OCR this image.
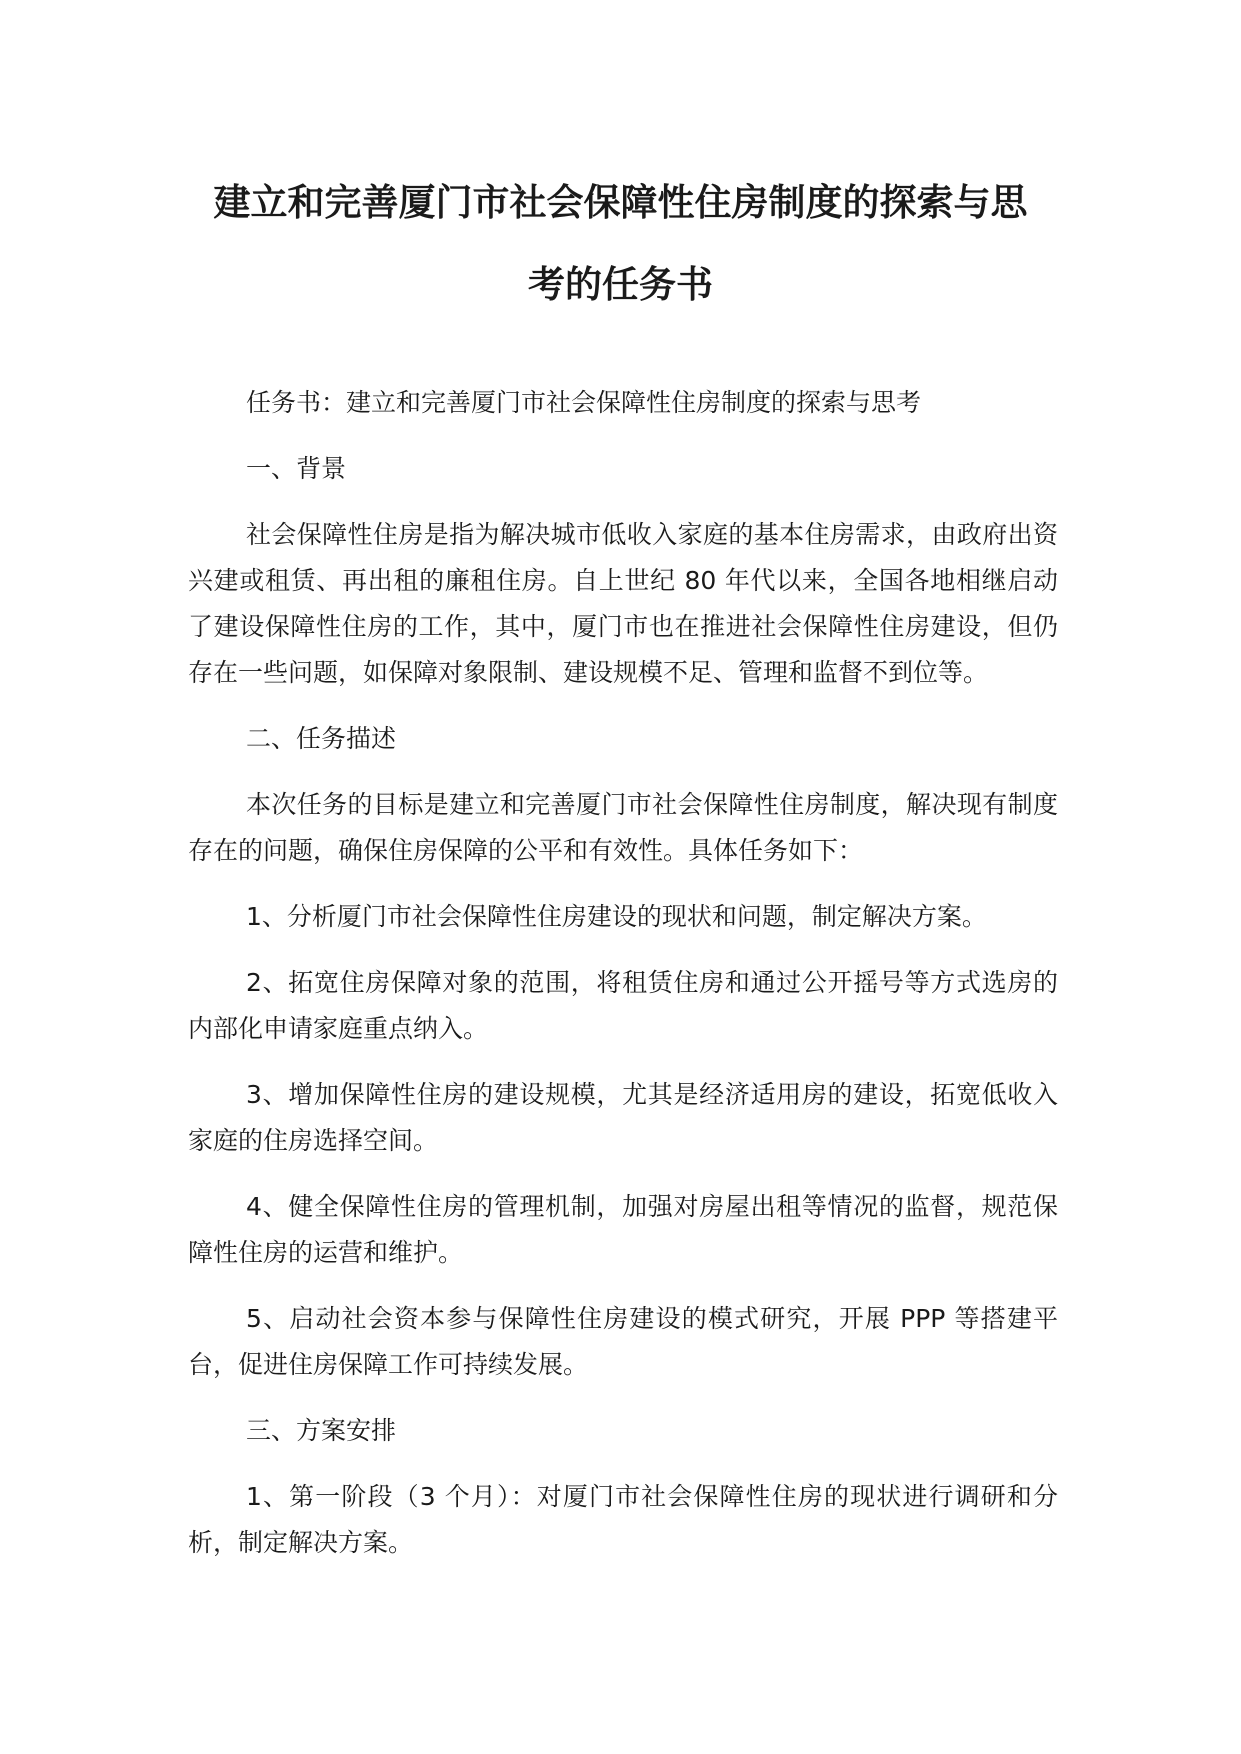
建立和完善厦门市社会保障性住房制度的探索与思
考的任务书

任务书：建立和完善厦门市社会保障性住房制度的探索与思考

一、背景

社会保障性住房是指为解决城市低收入家庭的基本住房需求，由政府出资兴建或租赁、再出租的廉租住房。自上世纪 80 年代以来，全国各地相继启动了建设保障性住房的工作，其中，厦门市也在推进社会保障性住房建设，但仍存在一些问题，如保障对象限制、建设规模不足、管理和监督不到位等。

二、任务描述

本次任务的目标是建立和完善厦门市社会保障性住房制度，解决现有制度存在的问题，确保住房保障的公平和有效性。具体任务如下：

1、分析厦门市社会保障性住房建设的现状和问题，制定解决方案。

2、拓宽住房保障对象的范围，将租赁住房和通过公开摇号等方式选房的内部化申请家庭重点纳入。

3、增加保障性住房的建设规模，尤其是经济适用房的建设，拓宽低收入家庭的住房选择空间。

4、健全保障性住房的管理机制，加强对房屋出租等情况的监督，规范保障性住房的运营和维护。

5、启动社会资本参与保障性住房建设的模式研究，开展 PPP 等搭建平台，促进住房保障工作可持续发展。

三、方案安排

1、第一阶段（3 个月）：对厦门市社会保障性住房的现状进行调研和分析，制定解决方案。
